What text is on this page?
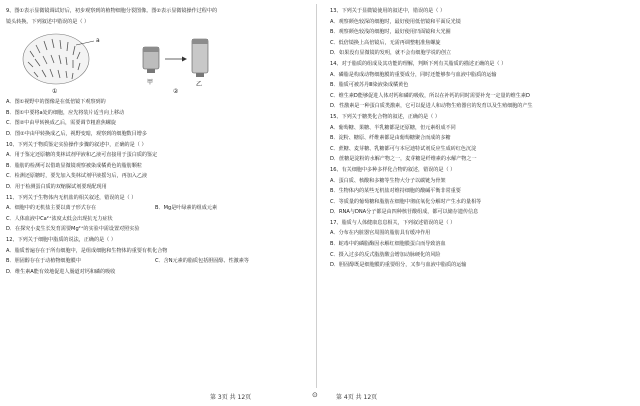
9、图①表示显微镜调试好后，初步观察到的植物细胞分裂图像。图②表示显微镜操作过程中的
镜头转换。下列叙述中错误的是（ ）
a
①
甲	乙
②
A．图①视野中的图像是在低倍镜下观察到的
B．图①中要将a处的细胞，应先将装片适当向上移动
C．图②中由甲转换成乙后，需要调节粗准焦螺旋
D．图②中由甲转换成乙后，视野变暗，观察到的细胞数目增多
10、下列关于物质鉴定实验操作步骤的叙述中，正确的是（ ）
A．用于鉴定还原糖的斐林试剂甲液和乙液可直接用于蛋白质的鉴定
B．脂肪的检测可以借助显微镜观察被染成橘黄色的脂肪颗粒
C．检测还原糖时，要先加入斐林试剂甲液摇匀后，再加入乙液
D．用于检测蛋白质的双缩脲试剂要现配现用
11、下列关于生物体内无机盐的相关叙述，错误的是（ ）
A．细胞中的无机盐主要以离子形式存在	B．Mg是叶绿素的组成元素
C．人体血液中Ca²⁺浓度太低会出现抗无力症状
D．在探究小麦生长发育需要Mg²⁺的实验中需设置对照实验
12、下列关于细胞中脂质的说法，正确的是（ ）
A．脂质普遍存在于所有细胞中，是组成细胞和生物体的重要有机化合物
B．胆固醇存在于动植物细胞膜中	C．含N元素的脂质包括胆固醇、性激素等
D．维生素A能有效地促进人肠道对钙和磷的吸收
13、下列关于显微镜使用的叙述中，错误的是（ ）
A．观察颜色较深的细胞时，最好使用低倍镜和平面反光镜
B．观察颜色较浅的细胞时，最好使用凹面镜和大光圈
C．低倍镜换上高倍镜后，无需再调整粗准焦螺旋
D．如果没有显微镜的发明，就不会有细胞学说的创立
14、对于脂质的组成及其功能的理解，判断下列有关脂质的描述正确的是（ ）
A．磷脂是构成动物细胞膜的重要成分，同时还能够参与血液中脂质的运输
B．脂质可被苏丹Ⅲ染液染成橘黄色
C．维生素D能够促进人体对钙和磷的吸收，所以在补钙的同时需要补充一定量的维生素D
D．性激素是一种蛋白质类激素，它可以促进人和动物生殖器官的发育以及生殖细胞的产生
15、下列关于糖类化合物的叙述，正确的是（ ）
A．葡萄糖、果糖、半乳糖都是还原糖，但元素组成不同
B．淀粉、糖原、纤维素都是由葡萄糖聚合而成的多糖
C．蔗糖、麦芽糖、乳糖都可与本尼迪特试剂反应生成砖红色沉淀
D．蔗糖是淀粉的水解产物之一，麦芽糖是纤维素的水解产物之一
16、有关细胞中多种多样化合物的叙述，错误的是（ ）
A．蛋白质、核酸和多糖等生物大分子以碳链为骨架
B．生物体内的某些无机盐对维持细胞的酸碱平衡非常重要
C．等质量的葡萄糖和脂肪在细胞中彻底氧化分解时产生水的量相等
D．RNA与DNA分子都是由四种核苷酸组成，都可以储存遗传信息
17、脂质与人体健康息息相关，下列叙述错误的是（ ）
A．分布在内脏器官周围的脂肪具有缓冲作用
B．蛇毒中的磷脂酶因水解红细胞膜蛋白而导致溶血
C．摄入过多的反式脂肪酸会增加动脉硬化的风险
D．胆固醇既是细胞膜的重要组分，又参与血液中脂质的运输
第 3页 共 12页	⊙	第 4页 共 12页
